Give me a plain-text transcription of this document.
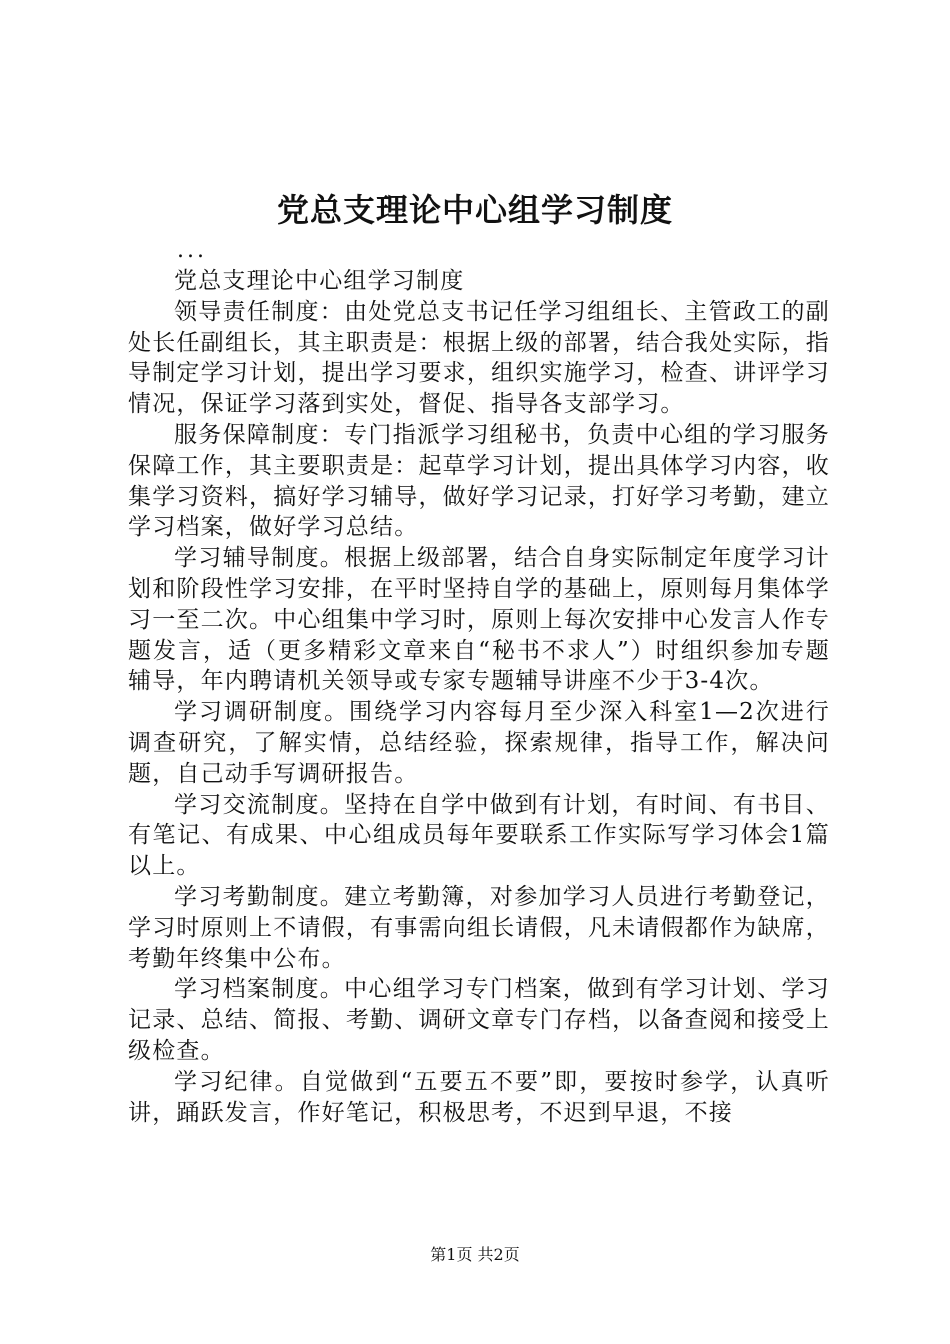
党总支理论中心组学习制度

...

党总支理论中心组学习制度

领导责任制度：由处党总支书记任学习组组长、主管政工的副处长任副组长，其主职责是：根据上级的部署，结合我处实际，指导制定学习计划，提出学习要求，组织实施学习，检查、讲评学习情况，保证学习落到实处，督促、指导各支部学习。

服务保障制度：专门指派学习组秘书，负责中心组的学习服务保障工作，其主要职责是：起草学习计划，提出具体学习内容，收集学习资料，搞好学习辅导，做好学习记录，打好学习考勤，建立学习档案，做好学习总结。

学习辅导制度。根据上级部署，结合自身实际制定年度学习计划和阶段性学习安排，在平时坚持自学的基础上，原则每月集体学习一至二次。中心组集中学习时，原则上每次安排中心发言人作专题发言，适（更多精彩文章来自“秘书不求人”）时组织参加专题辅导，年内聘请机关领导或专家专题辅导讲座不少于3-4次。

学习调研制度。围绕学习内容每月至少深入科室1—2次进行调查研究，了解实情，总结经验，探索规律，指导工作，解决问题，自己动手写调研报告。

学习交流制度。坚持在自学中做到有计划，有时间、有书目、有笔记、有成果、中心组成员每年要联系工作实际写学习体会1篇以上。

学习考勤制度。建立考勤簿，对参加学习人员进行考勤登记，学习时原则上不请假，有事需向组长请假，凡未请假都作为缺席，考勤年终集中公布。

学习档案制度。中心组学习专门档案，做到有学习计划、学习记录、总结、简报、考勤、调研文章专门存档，以备查阅和接受上级检查。

学习纪律。自觉做到“五要五不要”即，要按时参学，认真听讲，踊跃发言，作好笔记，积极思考，不迟到早退，不接

第1页 共2页
